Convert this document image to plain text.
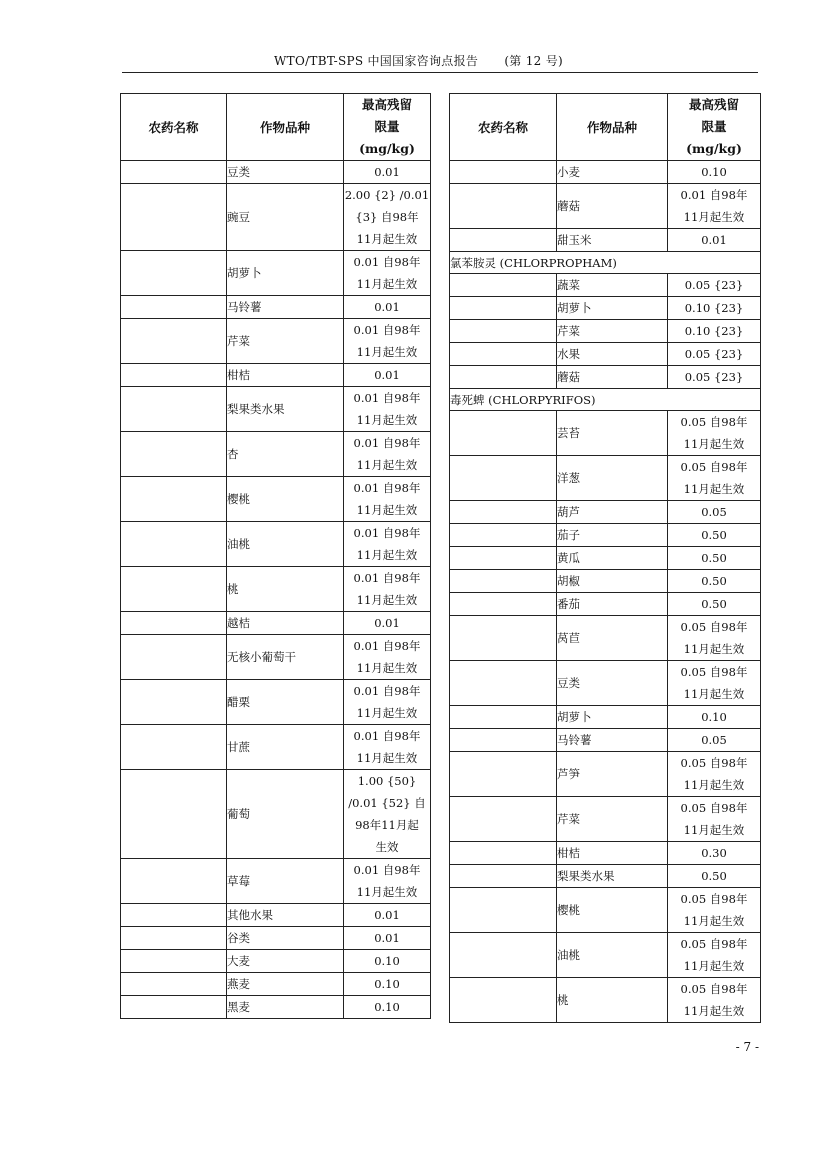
WTO/TBT-SPS 中国国家咨询点报告 (第 12 号)
农药名称	作物品种	最高残留
限量
(mg/kg)

	豆类	0.01

	豌豆	2.00 {2} /0.01
{3} 自98年
11月起生效

	胡萝卜	0.01 自98年
11月起生效

	马铃薯	0.01

	芹菜	0.01 自98年
11月起生效

	柑桔	0.01

	梨果类水果	0.01 自98年
11月起生效

	杏	0.01 自98年
11月起生效

	樱桃	0.01 自98年
11月起生效

	油桃	0.01 自98年
11月起生效

	桃	0.01 自98年
11月起生效

	越桔	0.01

	无核小葡萄干	0.01 自98年
11月起生效

	醋栗	0.01 自98年
11月起生效

	甘蔗	0.01 自98年
11月起生效

	葡萄	1.00 {50}
/0.01 {52} 自
98年11月起
生效

	草莓	0.01 自98年
11月起生效

	其他水果	0.01

	谷类	0.01

	大麦	0.10

	燕麦	0.10

	黑麦	0.10
农药名称	作物品种	最高残留
限量
(mg/kg)

	小麦	0.10

	蘑菇	0.01 自98年
11月起生效

	甜玉米	0.01

氯苯胺灵 (CHLORPROPHAM)		
	蔬菜	0.05 {23}

	胡萝卜	0.10 {23}

	芹菜	0.10 {23}

	水果	0.05 {23}

	蘑菇	0.05 {23}

毒死蜱 (CHLORPYRIFOS)		
	芸苔	0.05 自98年
11月起生效

	洋葱	0.05 自98年
11月起生效

	葫芦	0.05

	茄子	0.50

	黄瓜	0.50

	胡椒	0.50

	番茄	0.50

	莴苣	0.05 自98年
11月起生效

	豆类	0.05 自98年
11月起生效

	胡萝卜	0.10

	马铃薯	0.05

	芦笋	0.05 自98年
11月起生效

	芹菜	0.05 自98年
11月起生效

	柑桔	0.30

	梨果类水果	0.50

	樱桃	0.05 自98年
11月起生效

	油桃	0.05 自98年
11月起生效

	桃	0.05 自98年
11月起生效
- 7 -
